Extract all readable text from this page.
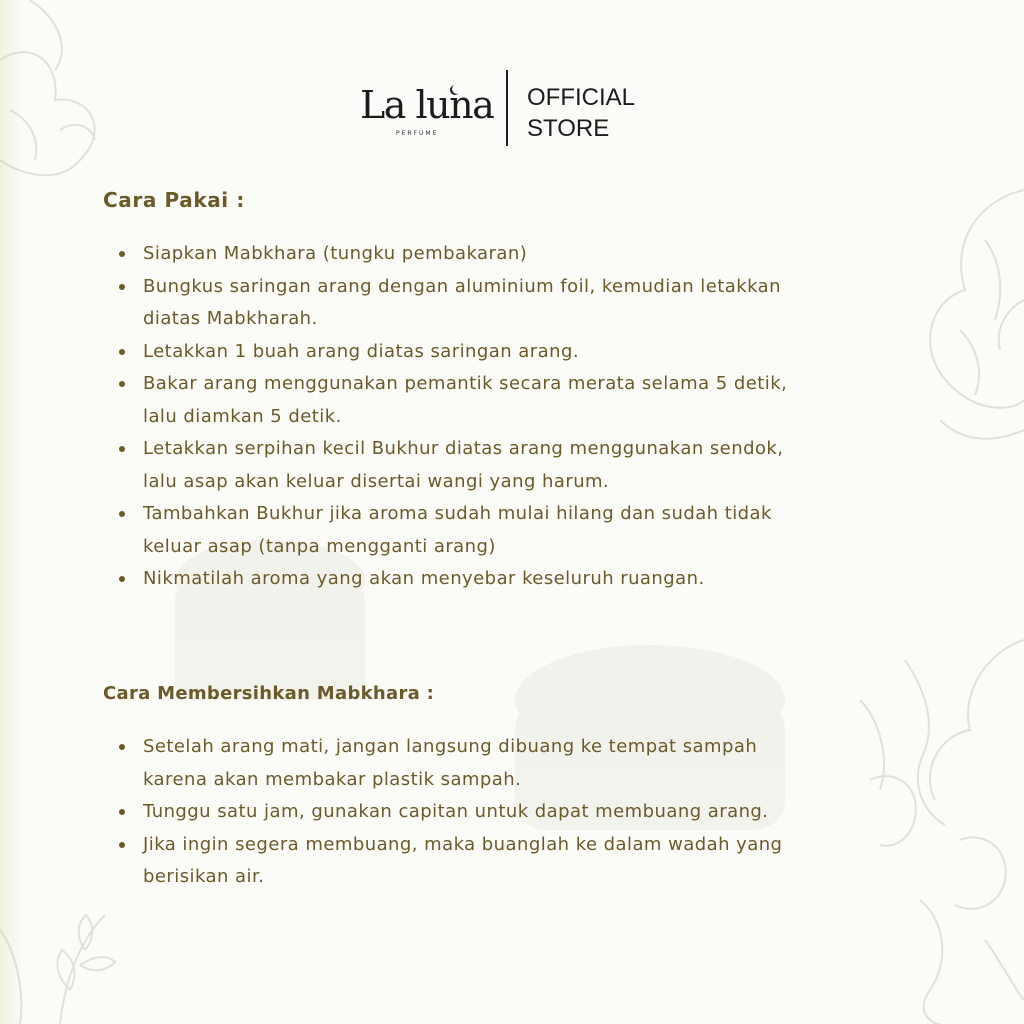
La luna
PERFUME
OFFICIAL
STORE
Cara Pakai :
Siapkan Mabkhara (tungku pembakaran)
Bungkus saringan arang dengan aluminium foil, kemudian letakkan diatas Mabkharah.
Letakkan 1 buah arang diatas saringan arang.
Bakar arang menggunakan pemantik secara merata selama 5 detik, lalu diamkan 5 detik.
Letakkan serpihan kecil Bukhur diatas arang menggunakan sendok, lalu asap akan keluar disertai wangi yang harum.
Tambahkan Bukhur jika aroma sudah mulai hilang dan sudah tidak keluar asap (tanpa mengganti arang)
Nikmatilah aroma yang akan menyebar keseluruh ruangan.
Cara Membersihkan Mabkhara :
Setelah arang mati, jangan langsung dibuang ke tempat sampah karena akan membakar plastik sampah.
Tunggu satu jam, gunakan capitan untuk dapat membuang arang.
Jika ingin segera membuang, maka buanglah ke dalam wadah yang berisikan air.
